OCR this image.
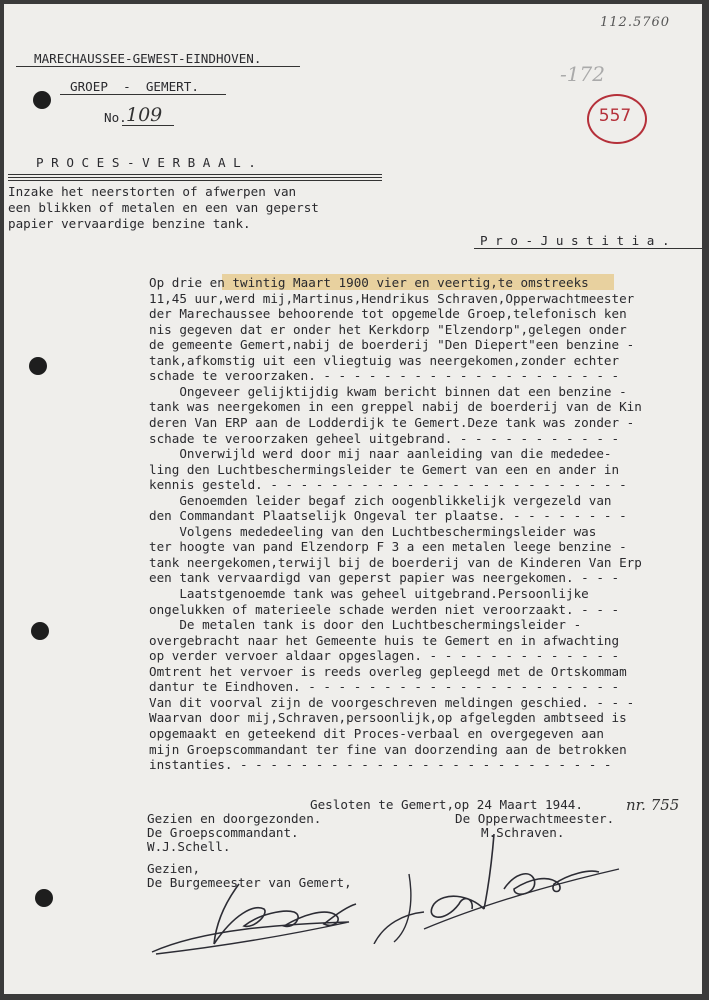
112.5760
-172
557
MARECHAUSSEE-GEWEST-EINDHOVEN.
GROEP  -  GEMERT.
No. 109
P R O C E S - V E R B A A L .
Inzake het neerstorten of afwerpen van
een blikken of metalen en een van geperst
papier vervaardige benzine tank.
P r o - J u s t i t i a .
Op drie en twintig Maart 1900 vier en veertig,te omstreeks
11,45 uur,werd mij,Martinus,Hendrikus Schraven,Opperwachtmeester
der Marechaussee behoorende tot opgemelde Groep,telefonisch ken
nis gegeven dat er onder het Kerkdorp "Elzendorp",gelegen onder
de gemeente Gemert,nabij de boerderij "Den Diepert"een benzine -
tank,afkomstig uit een vliegtuig was neergekomen,zonder echter
schade te veroorzaken. - - - - - - - - - - - - - - - - - - - -
Ongeveer gelijktijdig kwam bericht binnen dat een benzine -
tank was neergekomen in een greppel nabij de boerderij van de Kin
deren Van ERP aan de Lodderdijk te Gemert.Deze tank was zonder -
schade te veroorzaken geheel uitgebrand. - - - - - - - - - - -
Onverwijld werd door mij naar aanleiding van die mededee-
ling den Luchtbeschermingsleider te Gemert van een en ander in
kennis gesteld. - - - - - - - - - - - - - - - - - - - - - - - -
Genoemden leider begaf zich oogenblikkelijk vergezeld van
den Commandant Plaatselijk Ongeval ter plaatse. - - - - - - - -
Volgens mededeeling van den Luchtbeschermingsleider was
ter hoogte van pand Elzendorp F 3 a een metalen leege benzine -
tank neergekomen,terwijl bij de boerderij van de Kinderen Van Erp
een tank vervaardigd van geperst papier was neergekomen. - - -
Laatstgenoemde tank was geheel uitgebrand.Persoonlijke
ongelukken of materieele schade werden niet veroorzaakt. - - -
De metalen tank is door den Luchtbeschermingsleider -
overgebracht naar het Gemeente huis te Gemert en in afwachting
op verder vervoer aldaar opgeslagen. - - - - - - - - - - - - -
Omtrent het vervoer is reeds overleg gepleegd met de Ortskommam
dantur te Eindhoven. - - - - - - - - - - - - - - - - - - - - -
Van dit voorval zijn de voorgeschreven meldingen geschied. - - -
Waarvan door mij,Schraven,persoonlijk,op afgelegden ambtseed is
opgemaakt en geteekend dit Proces-verbaal en overgegeven aan
mijn Groepscommandant ter fine van doorzending aan de betrokken
instanties. - - - - - - - - - - - - - - - - - - - - - - - - -
Gesloten te Gemert,op 24 Maart 1944.	nr. 755
Gezien en doorgezonden.	De Opperwachtmeester.
De Groepscommandant.	M.Schraven.
W.J.Schell.
Gezien,
De Burgemeester van Gemert,
